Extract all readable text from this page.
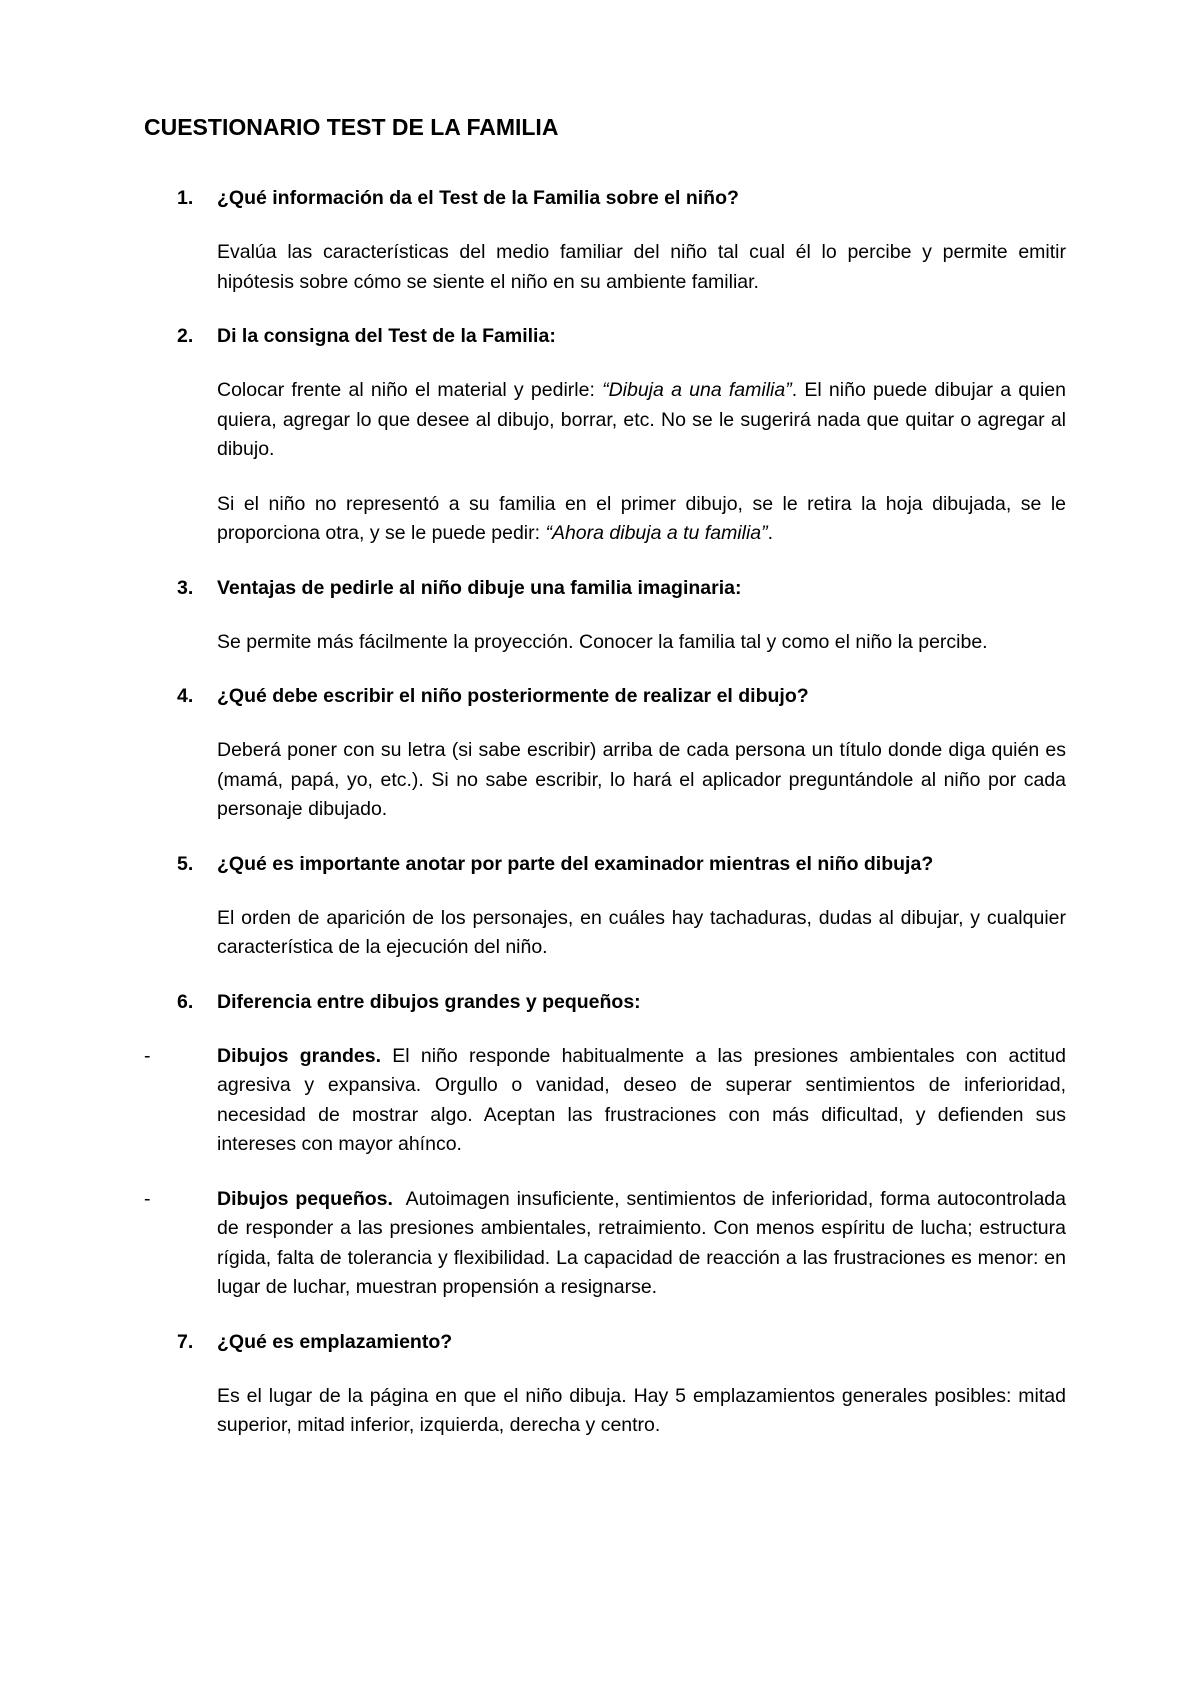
CUESTIONARIO TEST DE LA FAMILIA
1.	¿Qué información da el Test de la Familia sobre el niño?

Evalúa las características del medio familiar del niño tal cual él lo percibe y permite emitir hipótesis sobre cómo se siente el niño en su ambiente familiar.

2.	Di la consigna del Test de la Familia:

Colocar frente al niño el material y pedirle: “Dibuja a una familia”. El niño puede dibujar a quien quiera, agregar lo que desee al dibujo, borrar, etc. No se le sugerirá nada que quitar o agregar al dibujo.

Si el niño no representó a su familia en el primer dibujo, se le retira la hoja dibujada, se le proporciona otra, y se le puede pedir: “Ahora dibuja a tu familia”.

3.	Ventajas de pedirle al niño dibuje una familia imaginaria:

Se permite más fácilmente la proyección. Conocer la familia tal y como el niño la percibe.

4.	¿Qué debe escribir el niño posteriormente de realizar el dibujo?

Deberá poner con su letra (si sabe escribir) arriba de cada persona un título donde diga quién es (mamá, papá, yo, etc.). Si no sabe escribir, lo hará el aplicador preguntándole al niño por cada personaje dibujado.

5.	¿Qué es importante anotar por parte del examinador mientras el niño dibuja?

El orden de aparición de los personajes, en cuáles hay tachaduras, dudas al dibujar, y cualquier característica de la ejecución del niño.

6.	Diferencia entre dibujos grandes y pequeños:
-	Dibujos grandes. El niño responde habitualmente a las presiones ambientales con actitud agresiva y expansiva. Orgullo o vanidad, deseo de superar sentimientos de inferioridad, necesidad de mostrar algo. Aceptan las frustraciones con más dificultad, y defienden sus intereses con mayor ahínco.

-	Dibujos pequeños.  Autoimagen insuficiente, sentimientos de inferioridad, forma autocontrolada de responder a las presiones ambientales, retraimiento. Con menos espíritu de lucha; estructura rígida, falta de tolerancia y flexibilidad. La capacidad de reacción a las frustraciones es menor: en lugar de luchar, muestran propensión a resignarse.

7.	¿Qué es emplazamiento?

Es el lugar de la página en que el niño dibuja. Hay 5 emplazamientos generales posibles: mitad superior, mitad inferior, izquierda, derecha y centro.
